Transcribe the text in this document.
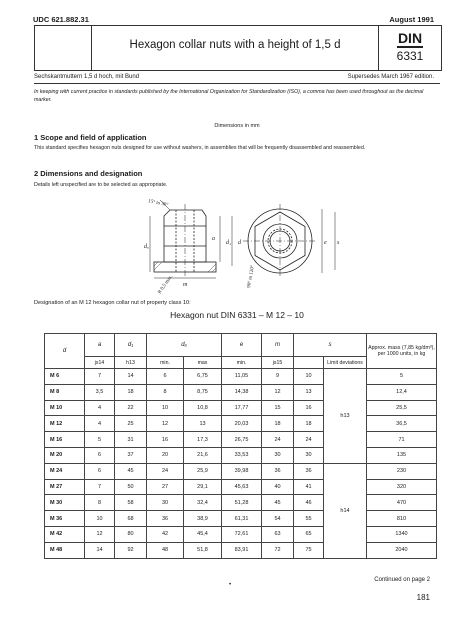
UDC 621.882.31	August 1991
Hexagon collar nuts with a height of 1,5 d	DIN
6331
Sechskantmuttern 1,5 d hoch, mit Bund	Supersedes March 1967 edition.
In keeping with current practice in standards published by the International Organization for Standardization (ISO), a comma has been used throughout as the decimal marker.
Dimensions in mm
1 Scope and field of application
This standard specifies hexagon nuts designed for use without washers, in assemblies that will be frequently disassembled and reassembled.
2 Dimensions and designation
Details left unspecified are to be selected as appropriate.
15° to 30°
dₐ
a
m
d₁ d	e s
R 0,5 max.	90° to 120°
Designation of an M 12 hexagon collar nut of property class 10:
Hexagon nut DIN 6331 – M 12 – 10
d	a	d₁	dₐ		e	m	s		Approx. mass (7,85 kg/dm³), per 1000 units, in kg
	js14	h13	min.	max	min.	js15		Limit deviations	
M 6	7	14	6	6,75	11,05	9	10	h13	5
M 8	3,5	18	8	8,75	14,38	12	13		12,4
M 10	4	22	10	10,8	17,77	15	16		25,5
M 12	4	25	12	13	20,03	18	18		36,5
M 16	5	31	16	17,3	26,75	24	24		71
M 20	6	37	20	21,6	33,53	30	30		135
M 24	6	45	24	25,9	39,98	36	36	h14	230
M 27	7	50	27	29,1	45,63	40	41		320
M 30	8	58	30	32,4	51,28	45	46		470
M 36	10	68	36	38,9	61,31	54	55		810
M 42	12	80	42	45,4	72,61	63	65		1340
M 48	14	92	48	51,8	83,91	72	75		2040
Continued on page 2
•
181
